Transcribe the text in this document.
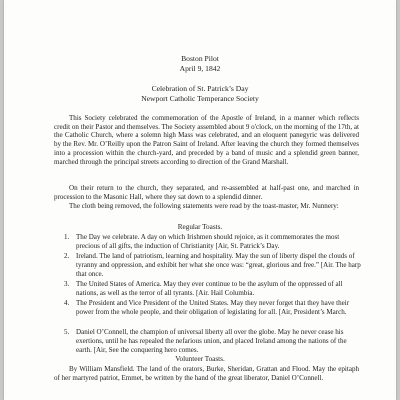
Boston Pilot
April 9, 1842
Celebration of St. Patrick’s Day
Newport Catholic Temperance Society
This Society celebrated the commemoration of the Apostle of Ireland, in a manner which reflects credit on their Pastor and themselves. The Society assembled about 9 o'clock, on the morning of the 17th, at the Catholic Church, where a solemn high Mass was celebrated, and an eloquent panegyric was delivered by the Rev. Mr. O’Reilly upon the Patron Saint of Ireland. After leaving the church they formed themselves into a procession within the church-yard, and preceded by a band of music and a splendid green banner, marched through the principal streets according to direction of the Grand Marshall.
On their return to the church, they separated, and re-assembled at half-past one, and marched in procession to the Masonic Hall, where they sat down to a splendid dinner.
The cloth being removed, the following statements were read by the toast-master, Mr. Nunnery:
Regular Toasts.
1. The Day we celebrate. A day on which Irishmen should rejoice, as it commemorates the most precious of all gifts, the induction of Christianity [Air, St. Patrick’s Day.
2. Ireland. The land of patriotism, learning and hospitality. May the sun of liberty dispel the clouds of tyranny and oppression, and exhibit her what she once was: “great, glorious and free.” [Air. The harp that once.
3. The United States of America. May they ever continue to be the asylum of the oppressed of all nations, as well as the terror of all tyrants. [Air. Hail Columbia.
4. The President and Vice President of the United States. May they never forget that they have their power from the whole people, and their obligation of legislating for all. [Air, President’s March.
5. Daniel O’Connell, the champion of universal liberty all over the globe. May he never cease his exertions, until he has repealed the nefarious union, and placed Ireland among the nations of the earth. [Air, See the conquering hero comes.
Volunteer Toasts.
By William Mansfield. The land of the orators, Burke, Sheridan, Grattan and Flood. May the epitaph of her martyred patriot, Emmet, be written by the hand of the great liberator, Daniel O’Connell.
